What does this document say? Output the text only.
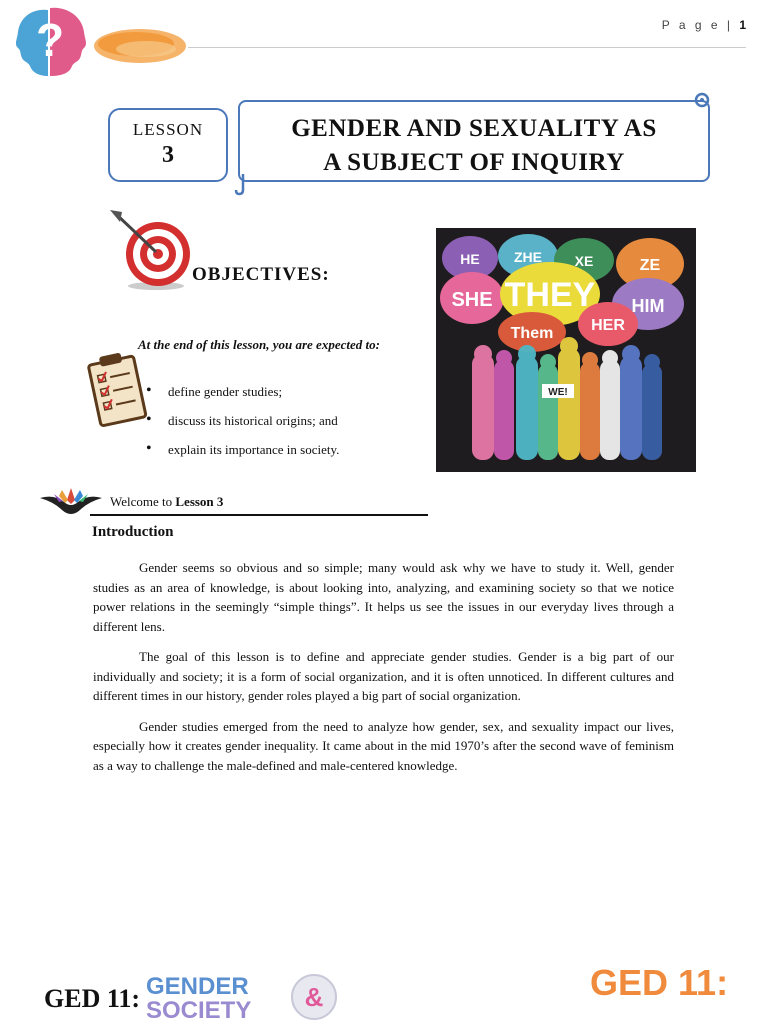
?	P a g e | 1
LESSON
3
GENDER AND SEXUALITY AS
A SUBJECT OF INQUIRY
OBJECTIVES:
At the end of this lesson, you are expected to:
• define gender studies;
• discuss its historical origins; and
• explain its importance in society.
HE ZHE XE	ZE
SHE THEY HIM
Them HER
WE!
Welcome to Lesson 3
Introduction

Gender seems so obvious and so simple; many would ask why we have to study it. Well, gender studies as an area of knowledge, is about looking into, analyzing, and examining society so that we notice power relations in the seemingly “simple things”. It helps us see the issues in our everyday lives through a different lens.

The goal of this lesson is to define and appreciate gender studies. Gender is a big part of our individually and society; it is a form of social organization, and it is often unnoticed. In different cultures and different times in our history, gender roles played a big part of social organization.

Gender studies emerged from the need to analyze how gender, sex, and sexuality impact our lives, especially how it creates gender inequality. It came about in the mid 1970’s after the second wave of feminism as a way to challenge the male-defined and male-centered knowledge.

GED 11: GENDER
SOCIETY &	GED 11:
